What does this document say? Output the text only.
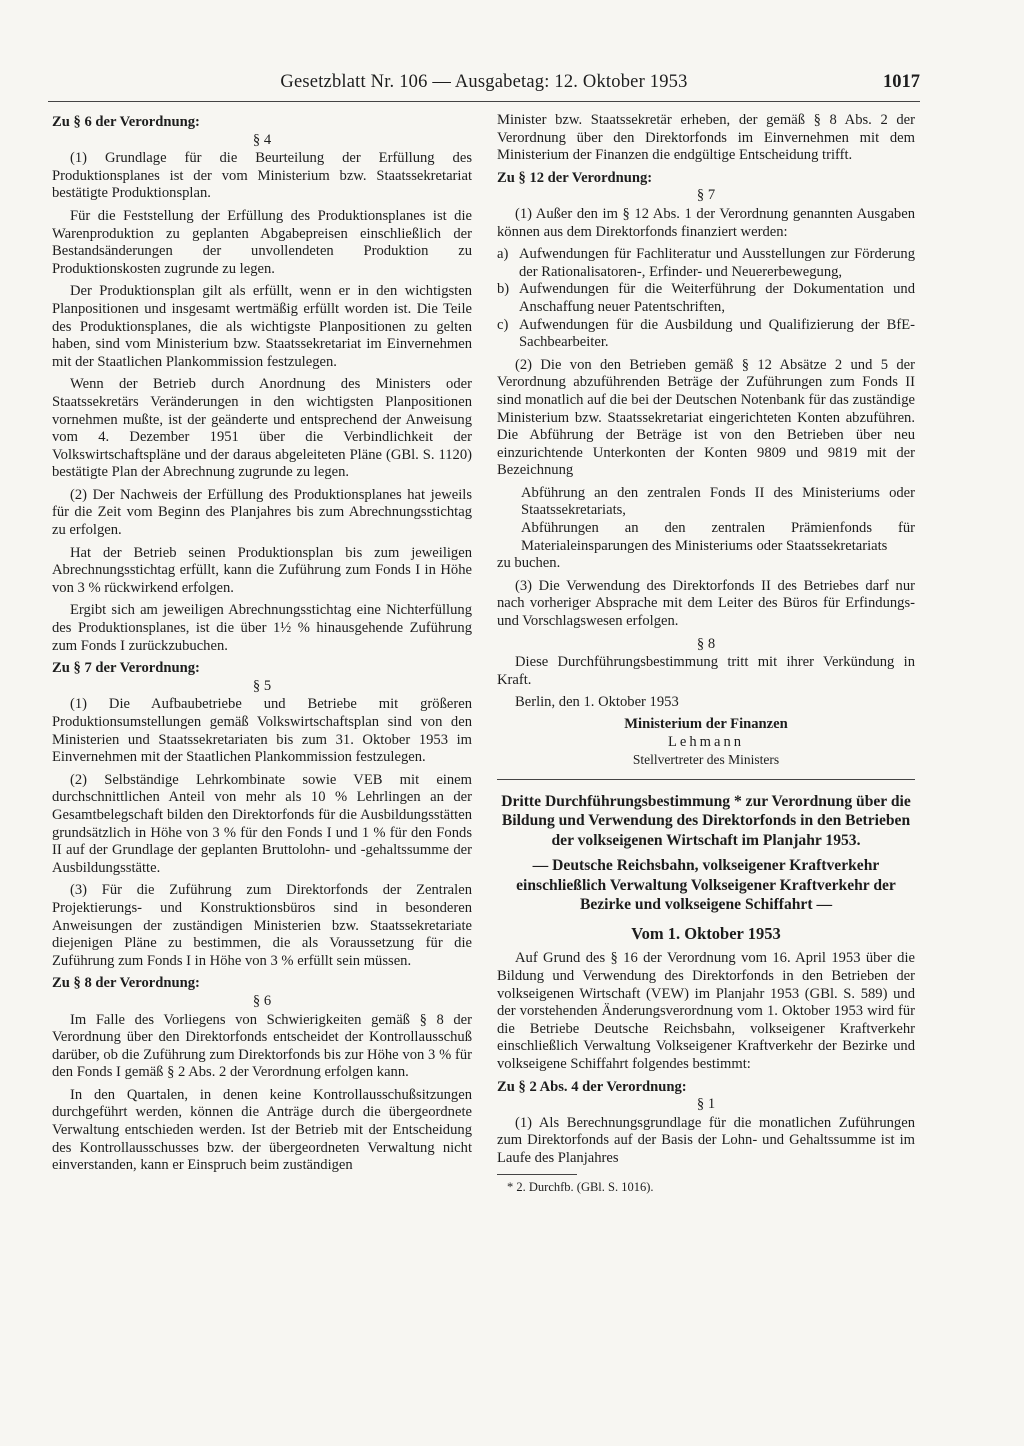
Gesetzblatt Nr. 106 — Ausgabetag: 12. Oktober 1953	1017
Zu § 6 der Verordnung:
§ 4

(1) Grundlage für die Beurteilung der Erfüllung des Produktionsplanes ist der vom Ministerium bzw. Staatssekretariat bestätigte Produktionsplan.

Für die Feststellung der Erfüllung des Produktionsplanes ist die Warenproduktion zu geplanten Abgabepreisen einschließlich der Bestandsänderungen der unvollendeten Produktion zu Produktionskosten zugrunde zu legen.

Der Produktionsplan gilt als erfüllt, wenn er in den wichtigsten Planpositionen und insgesamt wertmäßig erfüllt worden ist. Die Teile des Produktionsplanes, die als wichtigste Planpositionen zu gelten haben, sind vom Ministerium bzw. Staatssekretariat im Einvernehmen mit der Staatlichen Plankommission festzulegen.

Wenn der Betrieb durch Anordnung des Ministers oder Staatssekretärs Veränderungen in den wichtigsten Planpositionen vornehmen mußte, ist der geänderte und entsprechend der Anweisung vom 4. Dezember 1951 über die Verbindlichkeit der Volkswirtschaftspläne und der daraus abgeleiteten Pläne (GBl. S. 1120) bestätigte Plan der Abrechnung zugrunde zu legen.

(2) Der Nachweis der Erfüllung des Produktionsplanes hat jeweils für die Zeit vom Beginn des Planjahres bis zum Abrechnungsstichtag zu erfolgen.

Hat der Betrieb seinen Produktionsplan bis zum jeweiligen Abrechnungsstichtag erfüllt, kann die Zuführung zum Fonds I in Höhe von 3 % rückwirkend erfolgen.

Ergibt sich am jeweiligen Abrechnungsstichtag eine Nichterfüllung des Produktionsplanes, ist die über 1½ % hinausgehende Zuführung zum Fonds I zurückzubuchen.

Zu § 7 der Verordnung:
§ 5

(1) Die Aufbaubetriebe und Betriebe mit größeren Produktionsumstellungen gemäß Volkswirtschaftsplan sind von den Ministerien und Staatssekretariaten bis zum 31. Oktober 1953 im Einvernehmen mit der Staatlichen Plankommission festzulegen.

(2) Selbständige Lehrkombinate sowie VEB mit einem durchschnittlichen Anteil von mehr als 10 % Lehrlingen an der Gesamtbelegschaft bilden den Direktorfonds für die Ausbildungsstätten grundsätzlich in Höhe von 3 % für den Fonds I und 1 % für den Fonds II auf der Grundlage der geplanten Bruttolohn- und -gehaltssumme der Ausbildungsstätte.

(3) Für die Zuführung zum Direktorfonds der Zentralen Projektierungs- und Konstruktionsbüros sind in besonderen Anweisungen der zuständigen Ministerien bzw. Staatssekretariate diejenigen Pläne zu bestimmen, die als Voraussetzung für die Zuführung zum Fonds I in Höhe von 3 % erfüllt sein müssen.

Zu § 8 der Verordnung:
§ 6

Im Falle des Vorliegens von Schwierigkeiten gemäß § 8 der Verordnung über den Direktorfonds entscheidet der Kontrollausschuß darüber, ob die Zuführung zum Direktorfonds bis zur Höhe von 3 % für den Fonds I gemäß § 2 Abs. 2 der Verordnung erfolgen kann.

In den Quartalen, in denen keine Kontrollausschußsitzungen durchgeführt werden, können die Anträge durch die übergeordnete Verwaltung entschieden werden. Ist der Betrieb mit der Entscheidung des Kontrollausschusses bzw. der übergeordneten Verwaltung nicht einverstanden, kann er Einspruch beim zuständigen

Minister bzw. Staatssekretär erheben, der gemäß § 8 Abs. 2 der Verordnung über den Direktorfonds im Einvernehmen mit dem Ministerium der Finanzen die endgültige Entscheidung trifft.

Zu § 12 der Verordnung:
§ 7

(1) Außer den im § 12 Abs. 1 der Verordnung genannten Ausgaben können aus dem Direktorfonds finanziert werden:

a) Aufwendungen für Fachliteratur und Ausstellungen zur Förderung der Rationalisatoren-, Erfinder- und Neuererbewegung,
b) Aufwendungen für die Weiterführung der Dokumentation und Anschaffung neuer Patentschriften,
c) Aufwendungen für die Ausbildung und Qualifizierung der BfE-Sachbearbeiter.

(2) Die von den Betrieben gemäß § 12 Absätze 2 und 5 der Verordnung abzuführenden Beträge der Zuführungen zum Fonds II sind monatlich auf die bei der Deutschen Notenbank für das zuständige Ministerium bzw. Staatssekretariat eingerichteten Konten abzuführen. Die Abführung der Beträge ist von den Betrieben über neu einzurichtende Unterkonten der Konten 9809 und 9819 mit der Bezeichnung

Abführung an den zentralen Fonds II des Ministeriums oder Staatssekretariats,
Abführungen an den zentralen Prämienfonds für Materialeinsparungen des Ministeriums oder Staatssekretariats

zu buchen.

(3) Die Verwendung des Direktorfonds II des Betriebes darf nur nach vorheriger Absprache mit dem Leiter des Büros für Erfindungs- und Vorschlagswesen erfolgen.

§ 8

Diese Durchführungsbestimmung tritt mit ihrer Verkündung in Kraft.

Berlin, den 1. Oktober 1953
Ministerium der Finanzen
Lehmann
Stellvertreter des Ministers
Dritte Durchführungsbestimmung * zur Verordnung über die Bildung und Verwendung des Direktorfonds in den Betrieben der volkseigenen Wirtschaft im Planjahr 1953.
— Deutsche Reichsbahn, volkseigener Kraftverkehr einschließlich Verwaltung Volkseigener Kraftverkehr der Bezirke und volkseigene Schiffahrt —
Vom 1. Oktober 1953

Auf Grund des § 16 der Verordnung vom 16. April 1953 über die Bildung und Verwendung des Direktorfonds in den Betrieben der volkseigenen Wirtschaft (VEW) im Planjahr 1953 (GBl. S. 589) und der vorstehenden Änderungsverordnung vom 1. Oktober 1953 wird für die Betriebe Deutsche Reichsbahn, volkseigener Kraftverkehr einschließlich Verwaltung Volkseigener Kraftverkehr der Bezirke und volkseigene Schiffahrt folgendes bestimmt:

Zu § 2 Abs. 4 der Verordnung:
§ 1

(1) Als Berechnungsgrundlage für die monatlichen Zuführungen zum Direktorfonds auf der Basis der Lohn- und Gehaltssumme ist im Laufe des Planjahres

* 2. Durchfb. (GBl. S. 1016).
